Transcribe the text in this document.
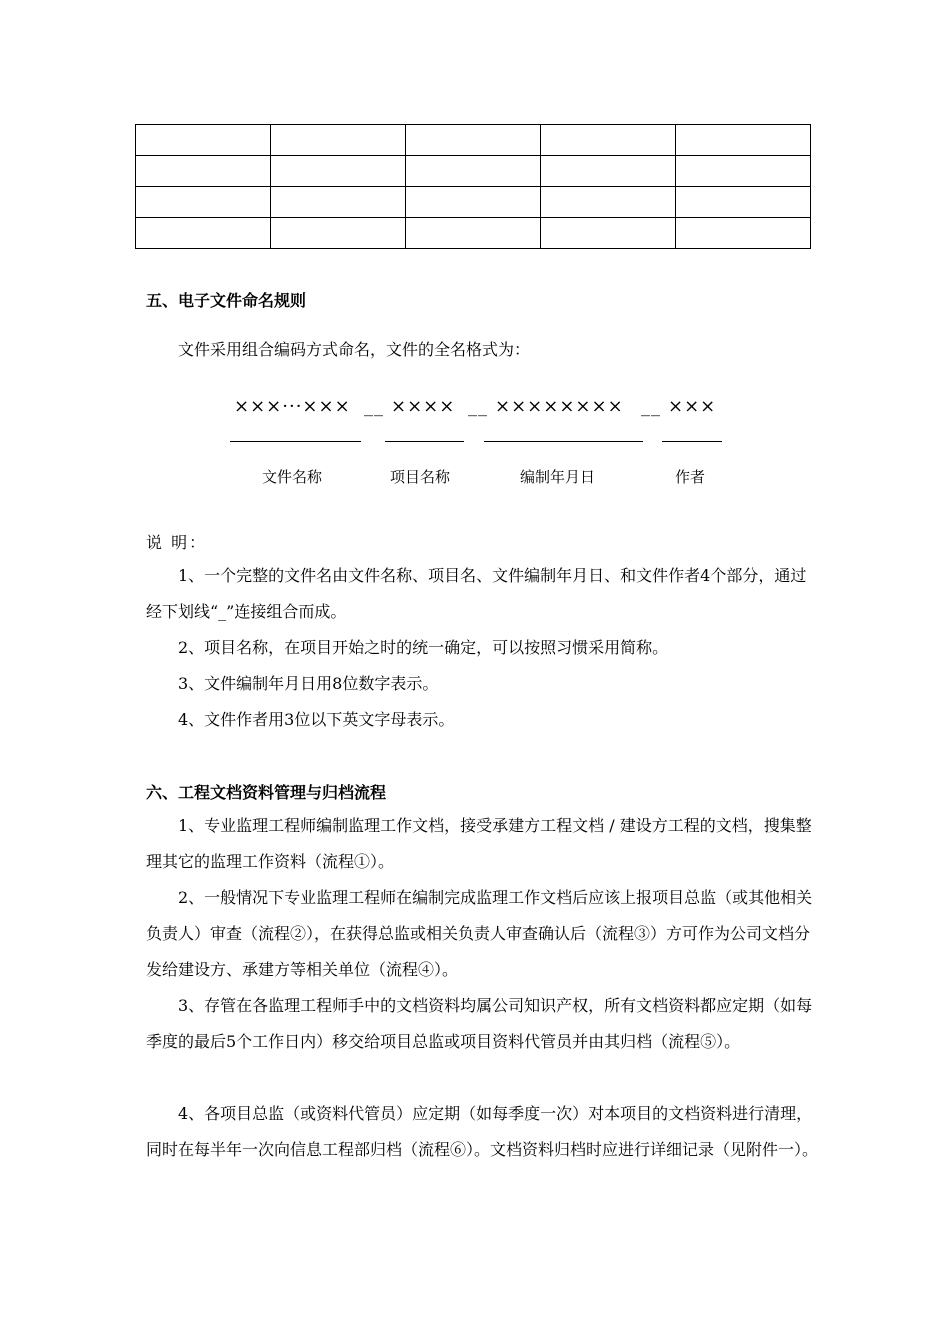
五、电子文件命名规则
文件采用组合编码方式命名，文件的全名格式为：
×××···××× __ ×××× __ ×××××××× __ ×××
文件名称	项目名称	编制年月日	作者
说 明：

1、一个完整的文件名由文件名称、项目名、文件编制年月日、和文件作者4个部分，通过经下划线“_”连接组合而成。

2、项目名称，在项目开始之时的统一确定，可以按照习惯采用简称。

3、文件编制年月日用8位数字表示。

4、文件作者用3位以下英文字母表示。

六、工程文档资料管理与归档流程

1、专业监理工程师编制监理工作文档，接受承建方工程文档 / 建设方工程的文档，搜集整理其它的监理工作资料（流程①）。

2、一般情况下专业监理工程师在编制完成监理工作文档后应该上报项目总监（或其他相关负责人）审查（流程②），在获得总监或相关负责人审查确认后（流程③）方可作为公司文档分发给建设方、承建方等相关单位（流程④）。

3、存管在各监理工程师手中的文档资料均属公司知识产权，所有文档资料都应定期（如每季度的最后5个工作日内）移交给项目总监或项目资料代管员并由其归档（流程⑤）。

4、各项目总监（或资料代管员）应定期（如每季度一次）对本项目的文档资料进行清理，同时在每半年一次向信息工程部归档（流程⑥）。文档资料归档时应进行详细记录（见附件一）。
